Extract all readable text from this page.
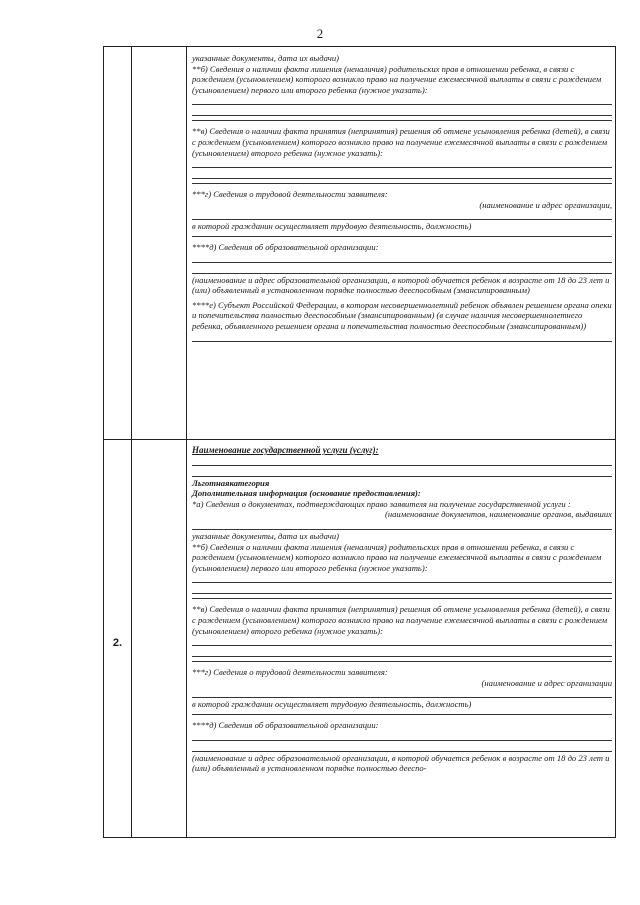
2
2.

указанные документы, дата их выдачи)

**б) Сведения о наличии факта лишения (неналичия) родительских прав в отношении ребенка, в связи с рождением (усыновлением) которого возникло право на получение ежемесячной выплаты в связи с рождением (усыновлением) первого или второго ребенка (нужное указать):

**в) Сведения о наличии факта принятия (непринятия) решения об отмене усыновления ребенка (детей), в связи с рождением (усыновлением) которого возникло право на получение ежемесячной выплаты в связи с рождением (усыновлением) второго ребенка (нужное указать):

***г) Сведения о трудовой деятельности заявителя:

(наименование и адрес организации,

в которой гражданин осуществляет трудовую деятельность, должность)

****д) Сведения об образовательной организации:

(наименование и адрес образовательной организации, в которой обучается ребенок в возрасте от 18 до 23 лет и (или) объявленный в установленном порядке полностью дееспособным (эмансипированным)

****е) Субъект Российской Федерации, в котором несовершеннолетний ребенок объявлен решением органа опеки и попечительства полностью дееспособным (эмансипированным) (в случае наличия несовершеннолетнего ребенка, объявленного решением органа и попечительства полностью дееспособным (эмансипированным))

Наименование государственной услуги (услуг):

Льготнаякатегория

Дополнительная информация (основание предоставления):

*а) Сведения о документах, подтверждающих право заявителя на получение государственной услуги :

(наименование документов, наименование органов, выдавших

указанные документы, дата их выдачи)

**б) Сведения о наличии факта лишения (неналичия) родительских прав в отношении ребенка, в связи с рождением (усыновлением) которого возникло право на получение ежемесячной выплаты в связи с рождением (усыновлением) первого или второго ребенка (нужное указать):

**в) Сведения о наличии факта принятия (непринятия) решения об отмене усыновления ребенка (детей), в связи с рождением (усыновлением) которого возникло право на получение ежемесячной выплаты в связи с рождением (усыновлением) второго ребенка (нужное указать):

***г) Сведения о трудовой деятельности заявителя:

(наименование и адрес организации

в которой гражданин осуществляет трудовую деятельность, должность)

****д) Сведения об образовательной организации:

(наименование и адрес образовательной организации, в которой обучается ребенок в возрасте от 18 до 23 лет и (или) объявленный в установленном порядке полностью дееспо-
